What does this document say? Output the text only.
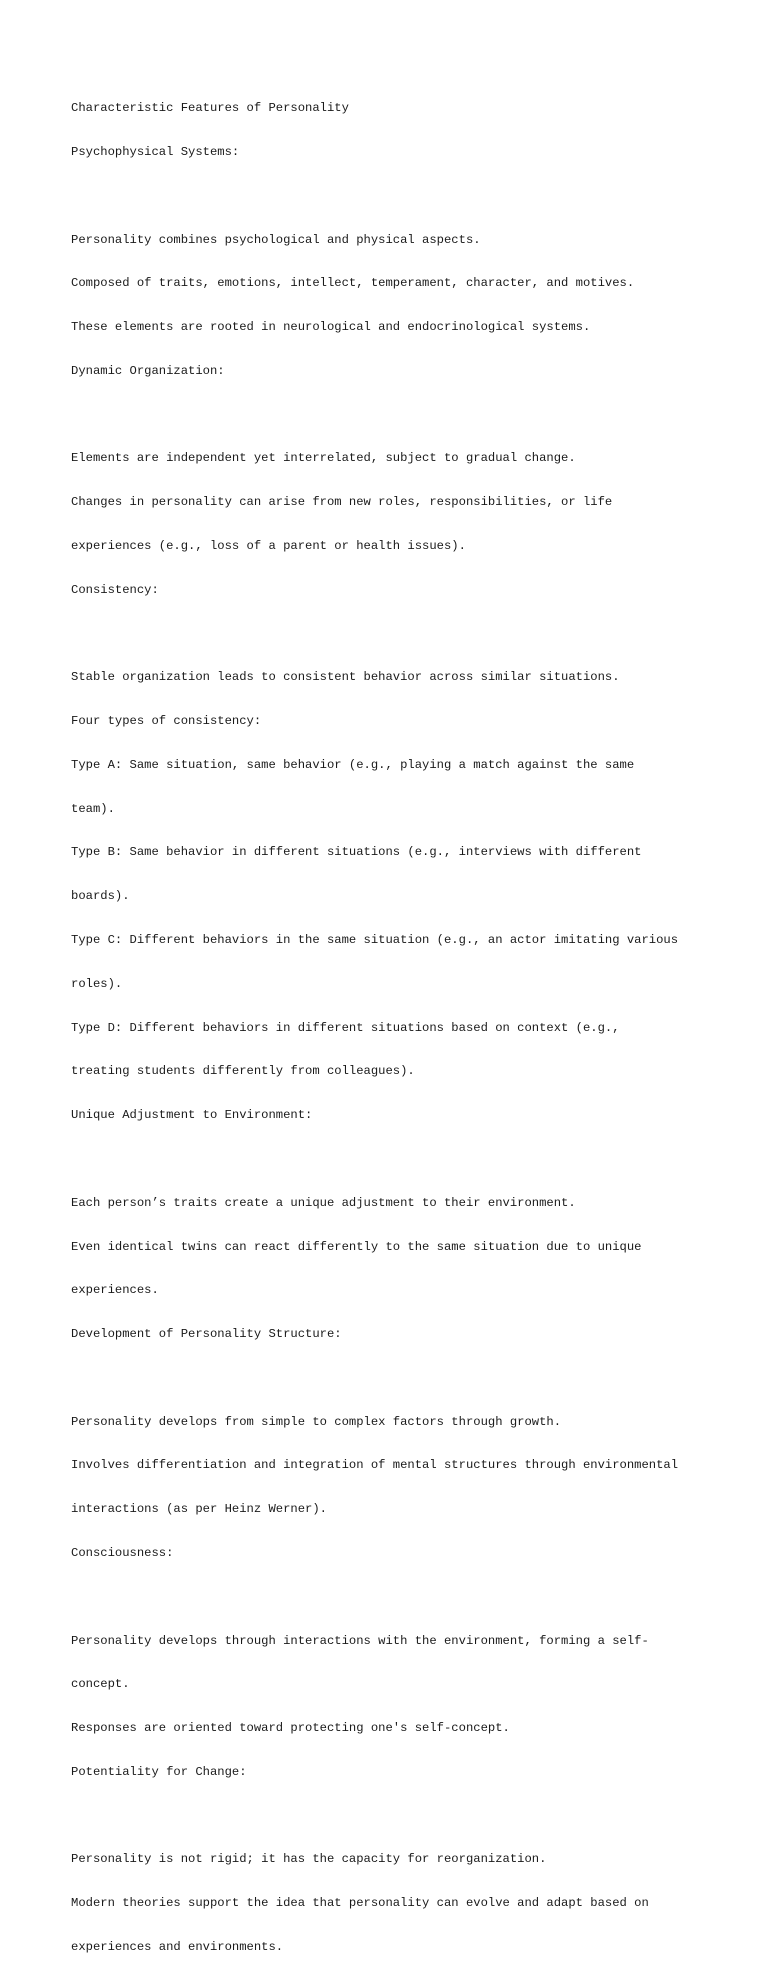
Characteristic Features of Personality

Psychophysical Systems:

Personality combines psychological and physical aspects.

Composed of traits, emotions, intellect, temperament, character, and motives.

These elements are rooted in neurological and endocrinological systems.

Dynamic Organization:

Elements are independent yet interrelated, subject to gradual change.

Changes in personality can arise from new roles, responsibilities, or life

experiences (e.g., loss of a parent or health issues).

Consistency:

Stable organization leads to consistent behavior across similar situations.

Four types of consistency:

Type A: Same situation, same behavior (e.g., playing a match against the same

team).

Type B: Same behavior in different situations (e.g., interviews with different

boards).

Type C: Different behaviors in the same situation (e.g., an actor imitating various

roles).

Type D: Different behaviors in different situations based on context (e.g.,

treating students differently from colleagues).

Unique Adjustment to Environment:

Each person’s traits create a unique adjustment to their environment.

Even identical twins can react differently to the same situation due to unique

experiences.

Development of Personality Structure:

Personality develops from simple to complex factors through growth.

Involves differentiation and integration of mental structures through environmental

interactions (as per Heinz Werner).

Consciousness:

Personality develops through interactions with the environment, forming a self-

concept.

Responses are oriented toward protecting one's self-concept.

Potentiality for Change:

Personality is not rigid; it has the capacity for reorganization.

Modern theories support the idea that personality can evolve and adapt based on

experiences and environments.
